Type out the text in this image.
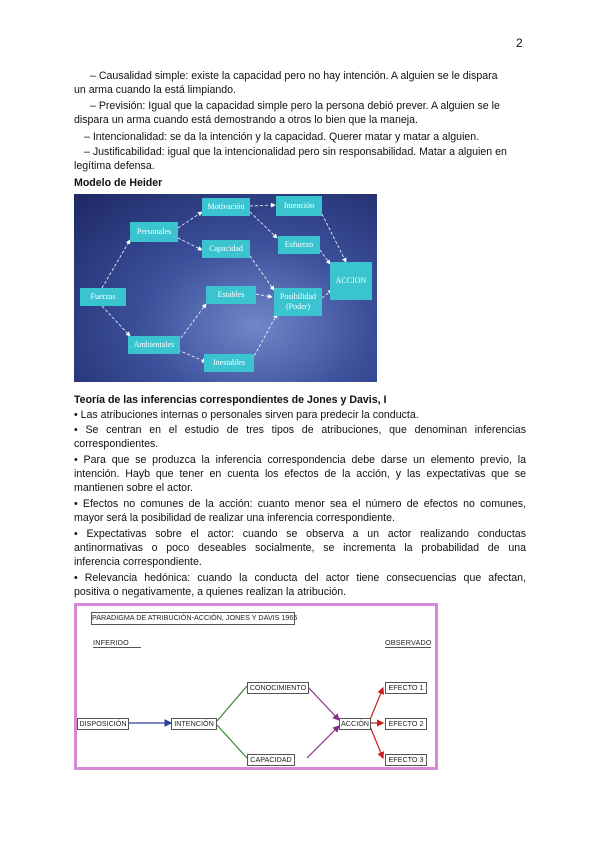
2
– Causalidad simple: existe la capacidad pero no hay intención. A alguien se le dispara
un arma cuando la está limpiando.
– Previsión: Igual que la capacidad simple pero la persona debió prever. A alguien se le
dispara un arma cuando está demostrando a otros lo bien que la maneja.
– Intencionalidad: se da la intención y la capacidad. Querer matar y matar a alguien.
– Justificabilidad: igual que la intencionalidad pero sin responsabilidad. Matar a alguien en
legítima defensa.
Modelo de Heider
Fuerzas
Personales
Ambientales
Motivación
Capacidad
Estables
Inestables
Intención
Esfuerzo
Posibilidad
(Poder)
ACCION
Teoría de las inferencias correspondientes de Jones y Davis, I
• Las atribuciones internas o personales sirven para predecir la conducta.
• Se centran en el estudio de tres tipos de atribuciones, que denominan inferencias
correspondientes.
• Para que se produzca la inferencia correspondencia debe darse un elemento previo, la
intención. Hayb que tener en cuenta los efectos de la acción, y las expectativas que se
mantienen sobre el actor.
• Efectos no comunes de la acción: cuanto menor sea el número de efectos no comunes,
mayor será la posibilidad de realizar una inferencia correspondiente.
• Expectativas sobre el actor: cuando se observa a un actor realizando conductas
antinormativas o poco deseables socialmente, se incrementa la probabilidad de una
inferencia correspondiente.
• Relevancia hedónica: cuando la conducta del actor tiene consecuencias que afectan,
positiva o negativamente, a quienes realizan la atribución.
PARADIGMA DE ATRIBUCIÓN-ACCIÓN, JONES Y DAVIS 1965
INFERIDO	OBSERVADO
DISPOSICIÓN	INTENCIÓN
CONOCIMIENTO
CAPACIDAD
ACCIÓN
EFECTO 1
EFECTO 2
EFECTO 3
